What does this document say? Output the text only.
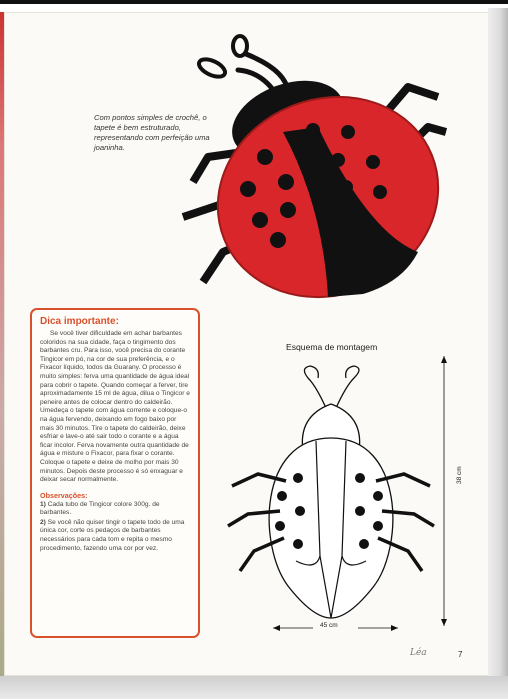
Com pontos simples de crochê, o tapete é bem estruturado, representando com perfeição uma joaninha.
Dica importante:

Se você tiver dificuldade em achar barbantes coloridos na sua cidade, faça o tingimento dos barbantes cru. Para isso, você precisa do corante Tingicor em pó, na cor de sua preferência, e o Fixacor líquido, todos da Guarany. O processo é muito simples: ferva uma quantidade de água ideal para cobrir o tapete. Quando começar a ferver, tire aproximadamente 15 ml de água, dilua o Tingicor e peneire antes de colocar dentro do caldeirão. Umedeça o tapete com água corrente e coloque-o na água fervendo, deixando em fogo baixo por mais 30 minutos. Tire o tapete do caldeirão, deixe esfriar e lave-o até sair todo o corante e a água ficar incolor. Ferva novamente outra quantidade de água e misture o Fixacor, para fixar o corante. Coloque o tapete e deixe de molho por mais 30 minutos. Depois deste processo é só enxaguar e deixar secar normalmente.

Observações:
1) Cada tubo de Tingicor colore 300g. de barbantes.
2) Se você não quiser tingir o tapete todo de uma única cor, corte os pedaços de barbantes necessários para cada tom e repita o mesmo procedimento, fazendo uma cor por vez.
Esquema de montagem
45 cm
38 cm
Léa	7
